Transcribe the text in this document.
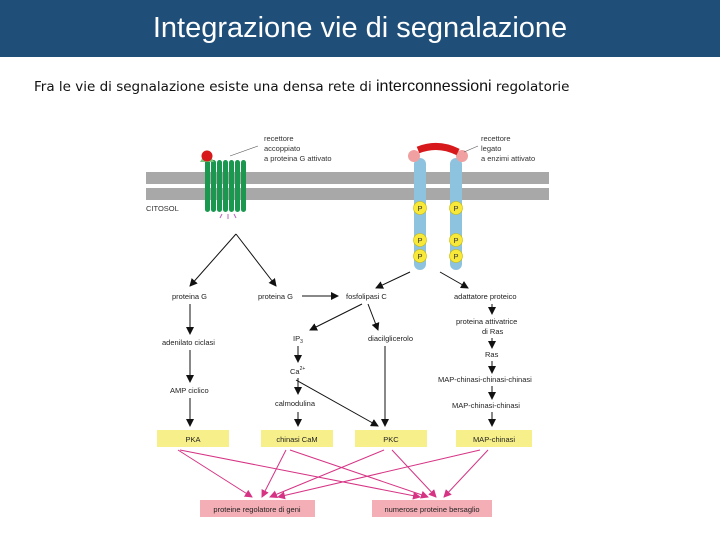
Integrazione vie di segnalazione
Fra le vie di segnalazione esiste una densa rete di interconnessioni regolatorie
CITOSOL
recettore accoppiato a proteina G attivato
P	P
P	P
P	P
recettore legato a enzimi attivato
proteina G	proteina G	fosfolipasi C	adattatore proteico
adenilato ciclasi	$IP_3$	diacilglicerolo
proteina attivatrice di Ras
Ras
MAP-chinasi-chinasi-chinasi
MAP-chinasi-chinasi
AMP ciclico
$Ca^{2+}$
calmodulina
PKA	chinasi CaM	PKC	MAP-chinasi
proteine regolatore di geni	numerose proteine bersaglio
